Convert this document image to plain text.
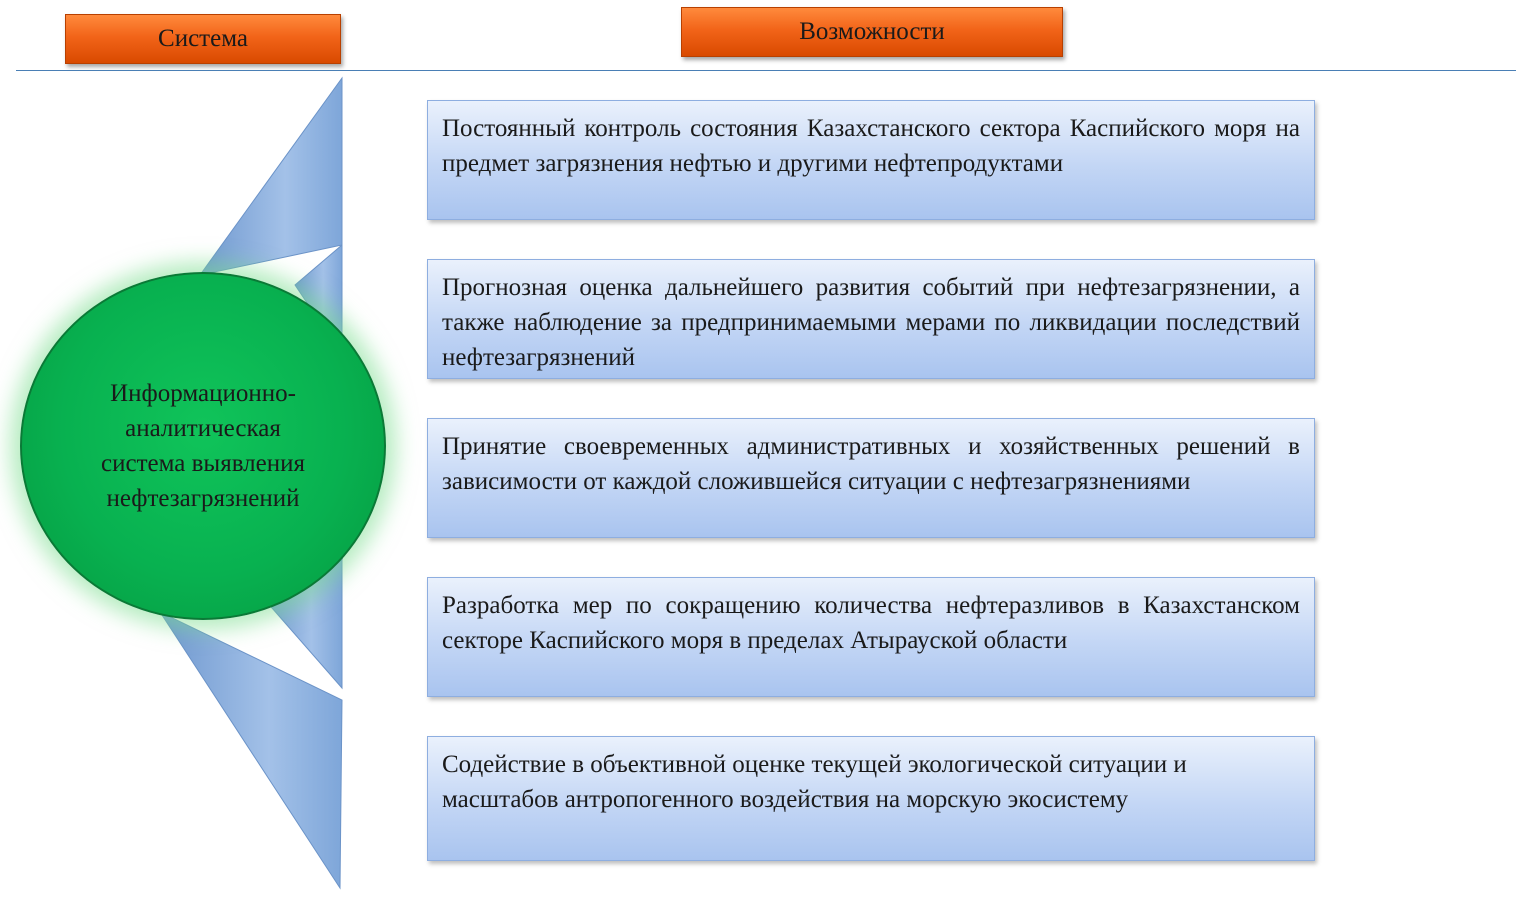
Система	Возможности
Информационно-
аналитическая
система выявления
нефтезагрязнений

Постоянный контроль состояния Казахстанского сектора Каспийского моря на предмет загрязнения нефтью и другими нефтепродуктами

Прогнозная оценка дальнейшего развития событий при нефтезагрязнении, а также наблюдение за предпринимаемыми мерами по ликвидации последствий нефтезагрязнений

Принятие своевременных административных и хозяйственных решений в зависимости от каждой сложившейся ситуации с нефтезагрязнениями

Разработка мер по сокращению количества нефтеразливов в Казахстанском секторе Каспийского моря в пределах Атырауской области

Содействие в объективной оценке текущей экологической ситуации и масштабов антропогенного воздействия на морскую экосистему
